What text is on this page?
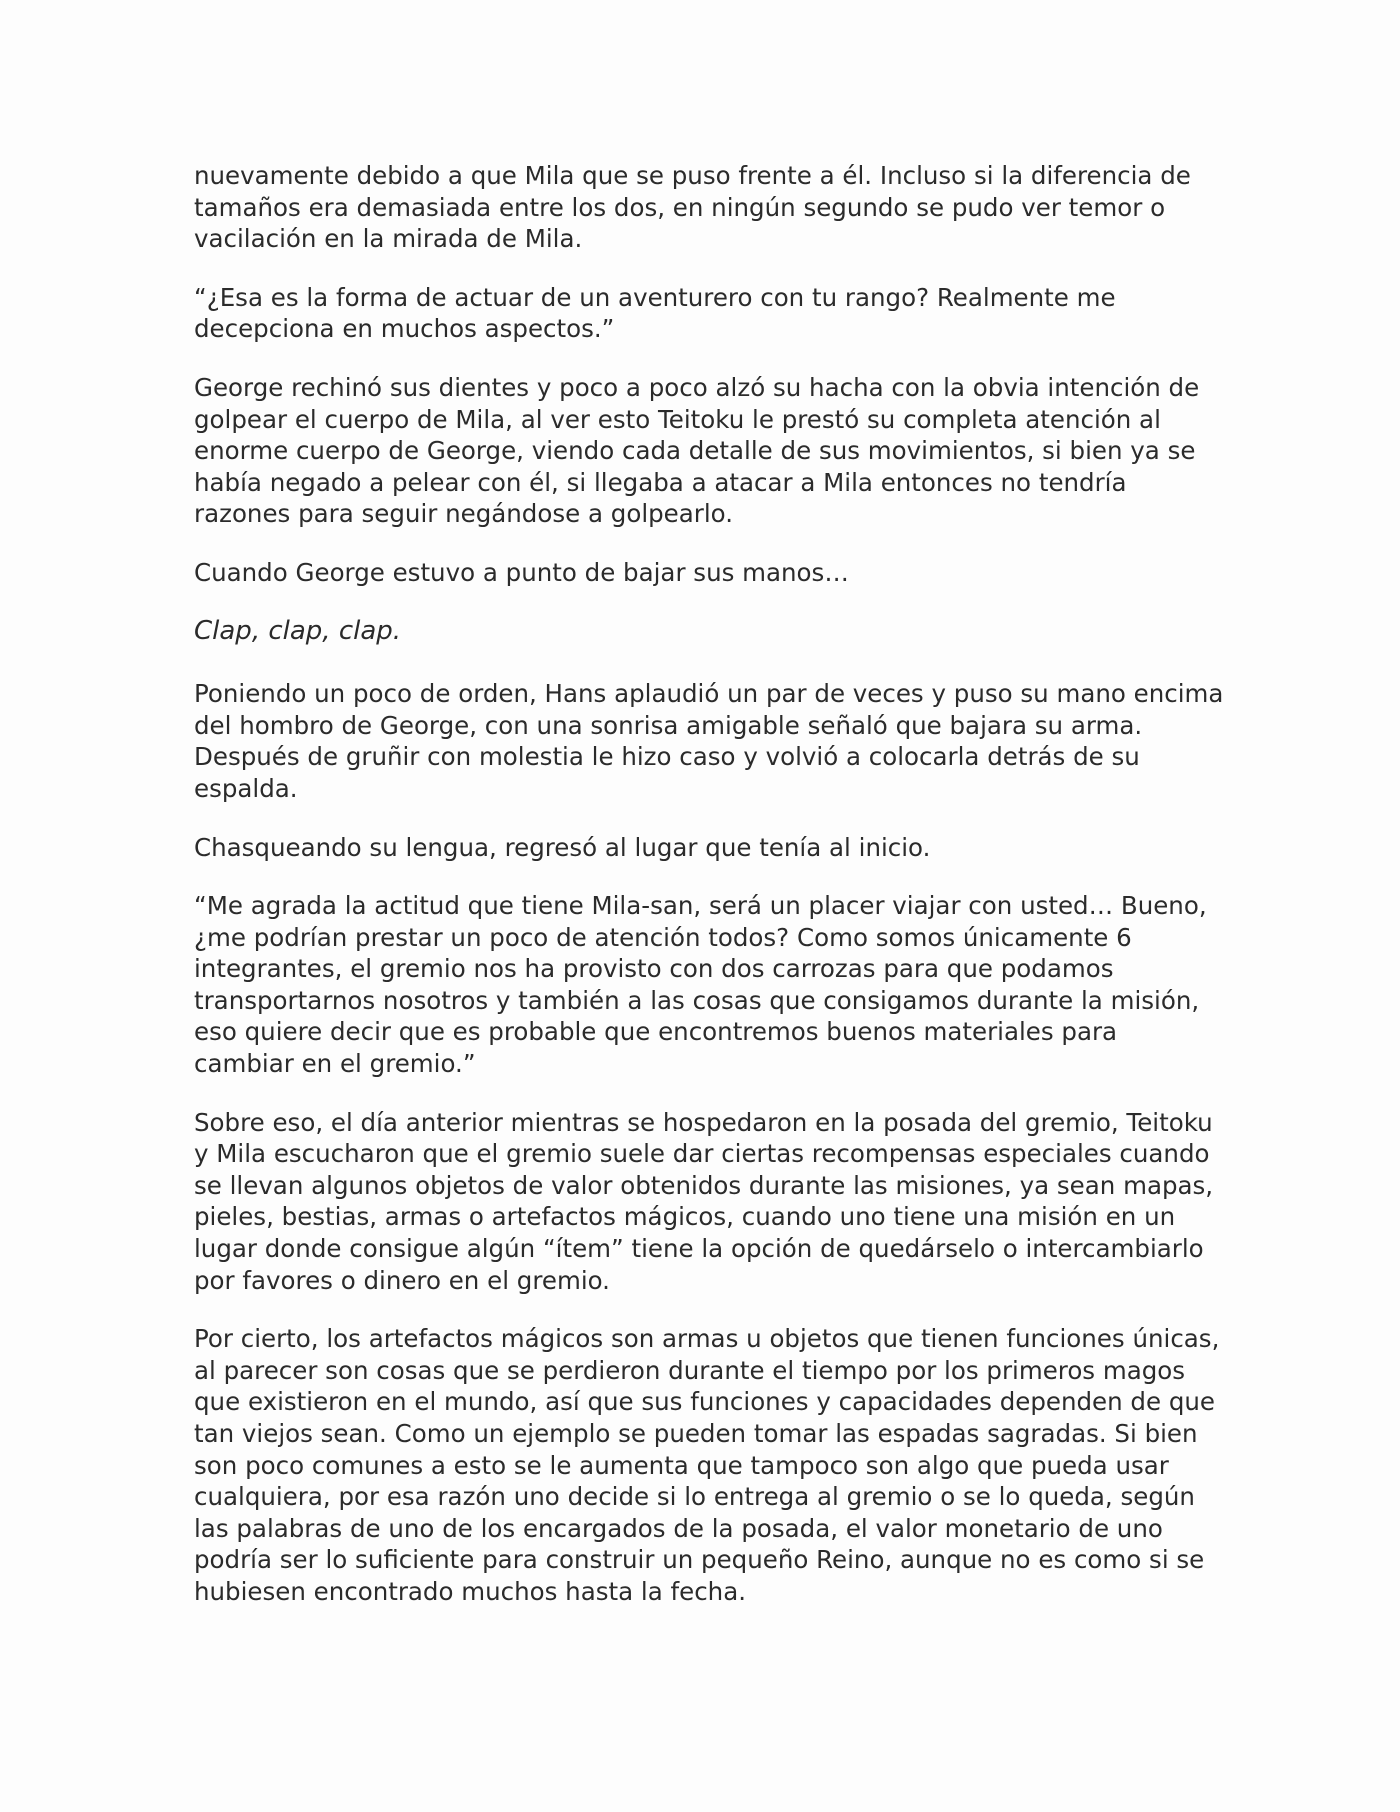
nuevamente debido a que Mila que se puso frente a él. Incluso si la diferencia de tamaños era demasiada entre los dos, en ningún segundo se pudo ver temor o vacilación en la mirada de Mila.

“¿Esa es la forma de actuar de un aventurero con tu rango? Realmente me decepciona en muchos aspectos.”

George rechinó sus dientes y poco a poco alzó su hacha con la obvia intención de golpear el cuerpo de Mila, al ver esto Teitoku le prestó su completa atención al enorme cuerpo de George, viendo cada detalle de sus movimientos, si bien ya se había negado a pelear con él, si llegaba a atacar a Mila entonces no tendría razones para seguir negándose a golpearlo.

Cuando George estuvo a punto de bajar sus manos…

Clap, clap, clap.

Poniendo un poco de orden, Hans aplaudió un par de veces y puso su mano encima del hombro de George, con una sonrisa amigable señaló que bajara su arma. Después de gruñir con molestia le hizo caso y volvió a colocarla detrás de su espalda.

Chasqueando su lengua, regresó al lugar que tenía al inicio.

“Me agrada la actitud que tiene Mila-san, será un placer viajar con usted… Bueno, ¿me podrían prestar un poco de atención todos? Como somos únicamente 6 integrantes, el gremio nos ha provisto con dos carrozas para que podamos transportarnos nosotros y también a las cosas que consigamos durante la misión, eso quiere decir que es probable que encontremos buenos materiales para cambiar en el gremio.”

Sobre eso, el día anterior mientras se hospedaron en la posada del gremio, Teitoku y Mila escucharon que el gremio suele dar ciertas recompensas especiales cuando se llevan algunos objetos de valor obtenidos durante las misiones, ya sean mapas, pieles, bestias, armas o artefactos mágicos, cuando uno tiene una misión en un lugar donde consigue algún “ítem” tiene la opción de quedárselo o intercambiarlo por favores o dinero en el gremio.

Por cierto, los artefactos mágicos son armas u objetos que tienen funciones únicas, al parecer son cosas que se perdieron durante el tiempo por los primeros magos que existieron en el mundo, así que sus funciones y capacidades dependen de que tan viejos sean. Como un ejemplo se pueden tomar las espadas sagradas. Si bien son poco comunes a esto se le aumenta que tampoco son algo que pueda usar cualquiera, por esa razón uno decide si lo entrega al gremio o se lo queda, según las palabras de uno de los encargados de la posada, el valor monetario de uno podría ser lo suficiente para construir un pequeño Reino, aunque no es como si se hubiesen encontrado muchos hasta la fecha.
